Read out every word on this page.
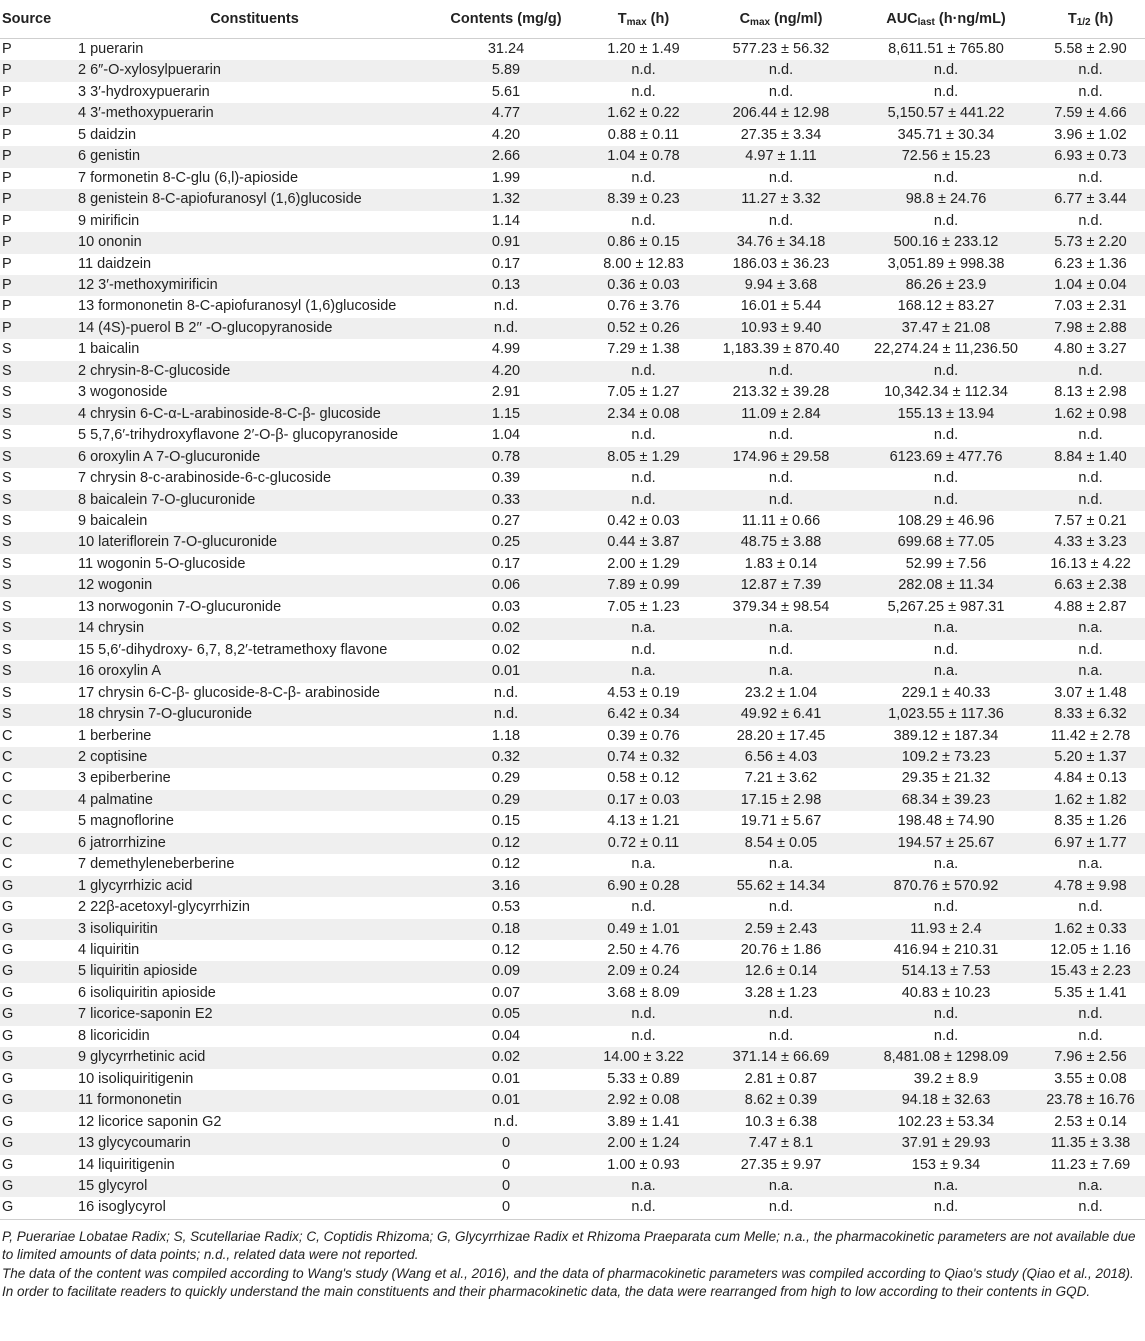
Source	Constituents	Contents (mg/g)	$T_{max}$ (h)	$C_{max}$ (ng/ml)	$AUC_{last}$ (h·ng/mL)	$T_{1/2}$ (h)
P	1 puerarin	31.24	1.20 ± 1.49	577.23 ± 56.32	8,611.51 ± 765.80	5.58 ± 2.90
P	2 6″-O-xylosylpuerarin	5.89	n.d.	n.d.	n.d.	n.d.
P	3 3′-hydroxypuerarin	5.61	n.d.	n.d.	n.d.	n.d.
P	4 3′-methoxypuerarin	4.77	1.62 ± 0.22	206.44 ± 12.98	5,150.57 ± 441.22	7.59 ± 4.66
P	5 daidzin	4.20	0.88 ± 0.11	27.35 ± 3.34	345.71 ± 30.34	3.96 ± 1.02
P	6 genistin	2.66	1.04 ± 0.78	4.97 ± 1.11	72.56 ± 15.23	6.93 ± 0.73
P	7 formonetin 8-C-glu (6,l)-apioside	1.99	n.d.	n.d.	n.d.	n.d.
P	8 genistein 8-C-apiofuranosyl (1,6)glucoside	1.32	8.39 ± 0.23	11.27 ± 3.32	98.8 ± 24.76	6.77 ± 3.44
P	9 mirificin	1.14	n.d.	n.d.	n.d.	n.d.
P	10 ononin	0.91	0.86 ± 0.15	34.76 ± 34.18	500.16 ± 233.12	5.73 ± 2.20
P	11 daidzein	0.17	8.00 ± 12.83	186.03 ± 36.23	3,051.89 ± 998.38	6.23 ± 1.36
P	12 3′-methoxymirificin	0.13	0.36 ± 0.03	9.94 ± 3.68	86.26 ± 23.9	1.04 ± 0.04
P	13 formononetin 8-C-apiofuranosyl (1,6)glucoside	n.d.	0.76 ± 3.76	16.01 ± 5.44	168.12 ± 83.27	7.03 ± 2.31
P	14 (4S)-puerol B 2′′ -O-glucopyranoside	n.d.	0.52 ± 0.26	10.93 ± 9.40	37.47 ± 21.08	7.98 ± 2.88
S	1 baicalin	4.99	7.29 ± 1.38	1,183.39 ± 870.40	22,274.24 ± 11,236.50	4.80 ± 3.27
S	2 chrysin-8-C-glucoside	4.20	n.d.	n.d.	n.d.	n.d.
S	3 wogonoside	2.91	7.05 ± 1.27	213.32 ± 39.28	10,342.34 ± 112.34	8.13 ± 2.98
S	4 chrysin 6-C-α-L-arabinoside-8-C-β- glucoside	1.15	2.34 ± 0.08	11.09 ± 2.84	155.13 ± 13.94	1.62 ± 0.98
S	5 5,7,6′-trihydroxyflavone 2′-O-β- glucopyranoside	1.04	n.d.	n.d.	n.d.	n.d.
S	6 oroxylin A 7-O-glucuronide	0.78	8.05 ± 1.29	174.96 ± 29.58	6123.69 ± 477.76	8.84 ± 1.40
S	7 chrysin 8-c-arabinoside-6-c-glucoside	0.39	n.d.	n.d.	n.d.	n.d.
S	8 baicalein 7-O-glucuronide	0.33	n.d.	n.d.	n.d.	n.d.
S	9 baicalein	0.27	0.42 ± 0.03	11.11 ± 0.66	108.29 ± 46.96	7.57 ± 0.21
S	10 lateriflorein 7-O-glucuronide	0.25	0.44 ± 3.87	48.75 ± 3.88	699.68 ± 77.05	4.33 ± 3.23
S	11 wogonin 5-O-glucoside	0.17	2.00 ± 1.29	1.83 ± 0.14	52.99 ± 7.56	16.13 ± 4.22
S	12 wogonin	0.06	7.89 ± 0.99	12.87 ± 7.39	282.08 ± 11.34	6.63 ± 2.38
S	13 norwogonin 7-O-glucuronide	0.03	7.05 ± 1.23	379.34 ± 98.54	5,267.25 ± 987.31	4.88 ± 2.87
S	14 chrysin	0.02	n.a.	n.a.	n.a.	n.a.
S	15 5,6′-dihydroxy- 6,7, 8,2′-tetramethoxy flavone	0.02	n.d.	n.d.	n.d.	n.d.
S	16 oroxylin A	0.01	n.a.	n.a.	n.a.	n.a.
S	17 chrysin 6-C-β- glucoside-8-C-β- arabinoside	n.d.	4.53 ± 0.19	23.2 ± 1.04	229.1 ± 40.33	3.07 ± 1.48
S	18 chrysin 7-O-glucuronide	n.d.	6.42 ± 0.34	49.92 ± 6.41	1,023.55 ± 117.36	8.33 ± 6.32
C	1 berberine	1.18	0.39 ± 0.76	28.20 ± 17.45	389.12 ± 187.34	11.42 ± 2.78
C	2 coptisine	0.32	0.74 ± 0.32	6.56 ± 4.03	109.2 ± 73.23	5.20 ± 1.37
C	3 epiberberine	0.29	0.58 ± 0.12	7.21 ± 3.62	29.35 ± 21.32	4.84 ± 0.13
C	4 palmatine	0.29	0.17 ± 0.03	17.15 ± 2.98	68.34 ± 39.23	1.62 ± 1.82
C	5 magnoflorine	0.15	4.13 ± 1.21	19.71 ± 5.67	198.48 ± 74.90	8.35 ± 1.26
C	6 jatrorrhizine	0.12	0.72 ± 0.11	8.54 ± 0.05	194.57 ± 25.67	6.97 ± 1.77
C	7 demethyleneberberine	0.12	n.a.	n.a.	n.a.	n.a.
G	1 glycyrrhizic acid	3.16	6.90 ± 0.28	55.62 ± 14.34	870.76 ± 570.92	4.78 ± 9.98
G	2 22β-acetoxyl-glycyrrhizin	0.53	n.d.	n.d.	n.d.	n.d.
G	3 isoliquiritin	0.18	0.49 ± 1.01	2.59 ± 2.43	11.93 ± 2.4	1.62 ± 0.33
G	4 liquiritin	0.12	2.50 ± 4.76	20.76 ± 1.86	416.94 ± 210.31	12.05 ± 1.16
G	5 liquiritin apioside	0.09	2.09 ± 0.24	12.6 ± 0.14	514.13 ± 7.53	15.43 ± 2.23
G	6 isoliquiritin apioside	0.07	3.68 ± 8.09	3.28 ± 1.23	40.83 ± 10.23	5.35 ± 1.41
G	7 licorice-saponin E2	0.05	n.d.	n.d.	n.d.	n.d.
G	8 licoricidin	0.04	n.d.	n.d.	n.d.	n.d.
G	9 glycyrrhetinic acid	0.02	14.00 ± 3.22	371.14 ± 66.69	8,481.08 ± 1298.09	7.96 ± 2.56
G	10 isoliquiritigenin	0.01	5.33 ± 0.89	2.81 ± 0.87	39.2 ± 8.9	3.55 ± 0.08
G	11 formononetin	0.01	2.92 ± 0.08	8.62 ± 0.39	94.18 ± 32.63	23.78 ± 16.76
G	12 licorice saponin G2	n.d.	3.89 ± 1.41	10.3 ± 6.38	102.23 ± 53.34	2.53 ± 0.14
G	13 glycycoumarin	0	2.00 ± 1.24	7.47 ± 8.1	37.91 ± 29.93	11.35 ± 3.38
G	14 liquiritigenin	0	1.00 ± 0.93	27.35 ± 9.97	153 ± 9.34	11.23 ± 7.69
G	15 glycyrol	0	n.a.	n.a.	n.a.	n.a.
G	16 isoglycyrol	0	n.d.	n.d.	n.d.	n.d.

P, Puerariae Lobatae Radix; S, Scutellariae Radix; C, Coptidis Rhizoma; G, Glycyrrhizae Radix et Rhizoma Praeparata cum Melle; n.a., the pharmacokinetic parameters are not available due to limited amounts of data points; n.d., related data were not reported.

The data of the content was compiled according to Wang's study (Wang et al., 2016), and the data of pharmacokinetic parameters was compiled according to Qiao's study (Qiao et al., 2018). In order to facilitate readers to quickly understand the main constituents and their pharmacokinetic data, the data were rearranged from high to low according to their contents in GQD.
